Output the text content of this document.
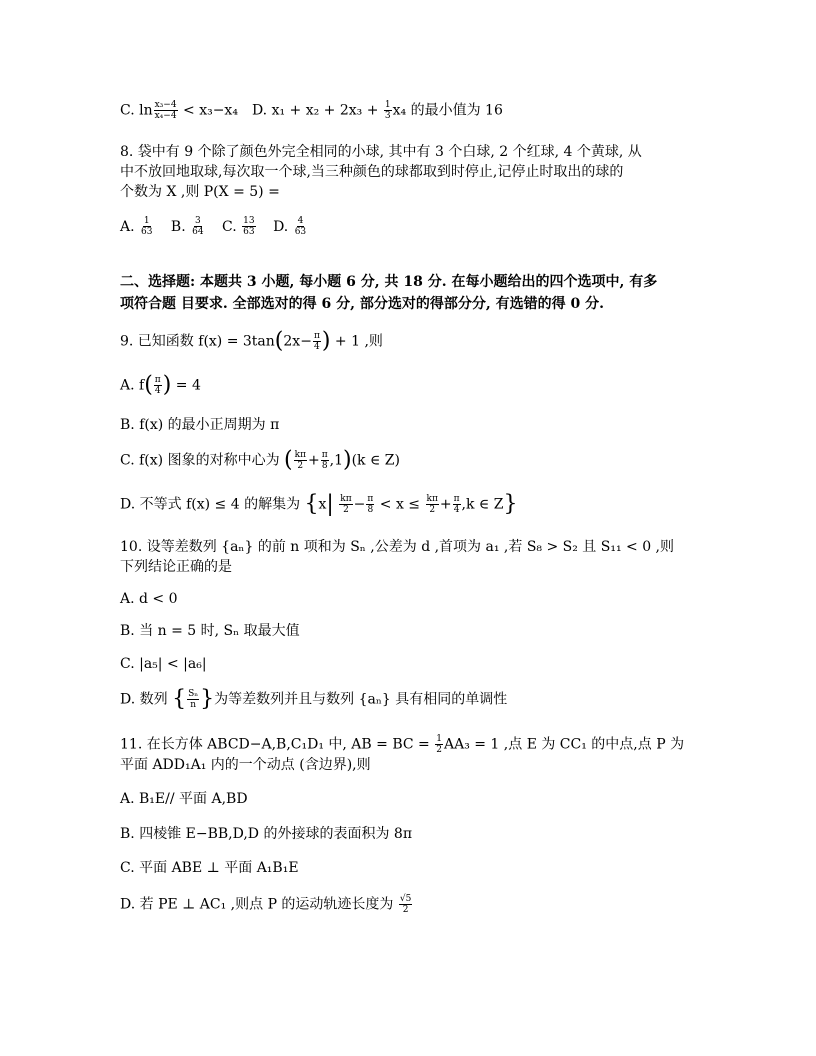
C. $\ln \frac{\text{x₃−4}}{\text{x₄−4}} < x_3-x_4$　D. $x_1 + x_2 + 2x_3 + \frac{1}{3} x_4$ 的最小值为 16
8. 袋中有 9 个除了颜色外完全相同的小球, 其中有 3 个白球, 2 个红球, 4 个黄球, 从
中不放回地取球,每次取一个球,当三种颜色的球都取到时停止,记停止时取出的球的
个数为 X ,则 P(X = 5) =
A. $\frac{1}{63} B$. $\frac{3}{64} C$. $\frac{13}{63} D$. $\frac{4}{63}$
二、选择题: 本题共 3 小题, 每小题 6 分, 共 18 分. 在每小题给出的四个选项中, 有多
项符合题 目要求. 全部选对的得 6 分, 部分选对的得部分分, 有选错的得 0 分.
9. 已知函数 $f(x) = 3\tan(2x- \frac{\pi}{4}$ ) + 1 ,则
A. $f( \frac{\pi}{4}$ ) = 4
B. f(x) 的最小正周期为 π
C. f(x) 图象的对称中心为 ( $\frac{k\pi}{2} + \frac{\pi}{8} ,1)(k$ ∈ Z)
D. 不等式 f(x) ≤ 4 的解集为 {$x| \frac{k\pi}{2} - \frac{\pi}{8} < x \le \frac{k\pi}{2} + \frac{\pi}{4} ,k$ ∈ Z}
10. 设等差数列 {aₙ} 的前 n 项和为 Sₙ ,公差为 d ,首项为 a₁ ,若 S₈ > S₂ 且 S₁₁ < 0 ,则
下列结论正确的是
A. d < 0
B. 当 n = 5 时, Sₙ 取最大值
C. |a₅| < |a₆|
D. 数列 { $\frac{\text{Sₙ}}{n}$ }为等差数列并且与数列 {aₙ} 具有相同的单调性
11. 在长方体 ABCD−A,B,C₁D₁ 中, AB = BC = $\frac{1}{2} AA_3 = 1$ ,点 E 为 CC₁ 的中点,点 P 为
平面 ADD₁A₁ 内的一个动点 (含边界),则
A. B₁E// 平面 A,BD
B. 四棱锥 E−BB,D,D 的外接球的表面积为 8π
C. 平面 ABE ⊥ 平面 A₁B₁E
D. 若 PE ⊥ AC₁ ,则点 P 的运动轨迹长度为 $\frac{√5}{2}$
